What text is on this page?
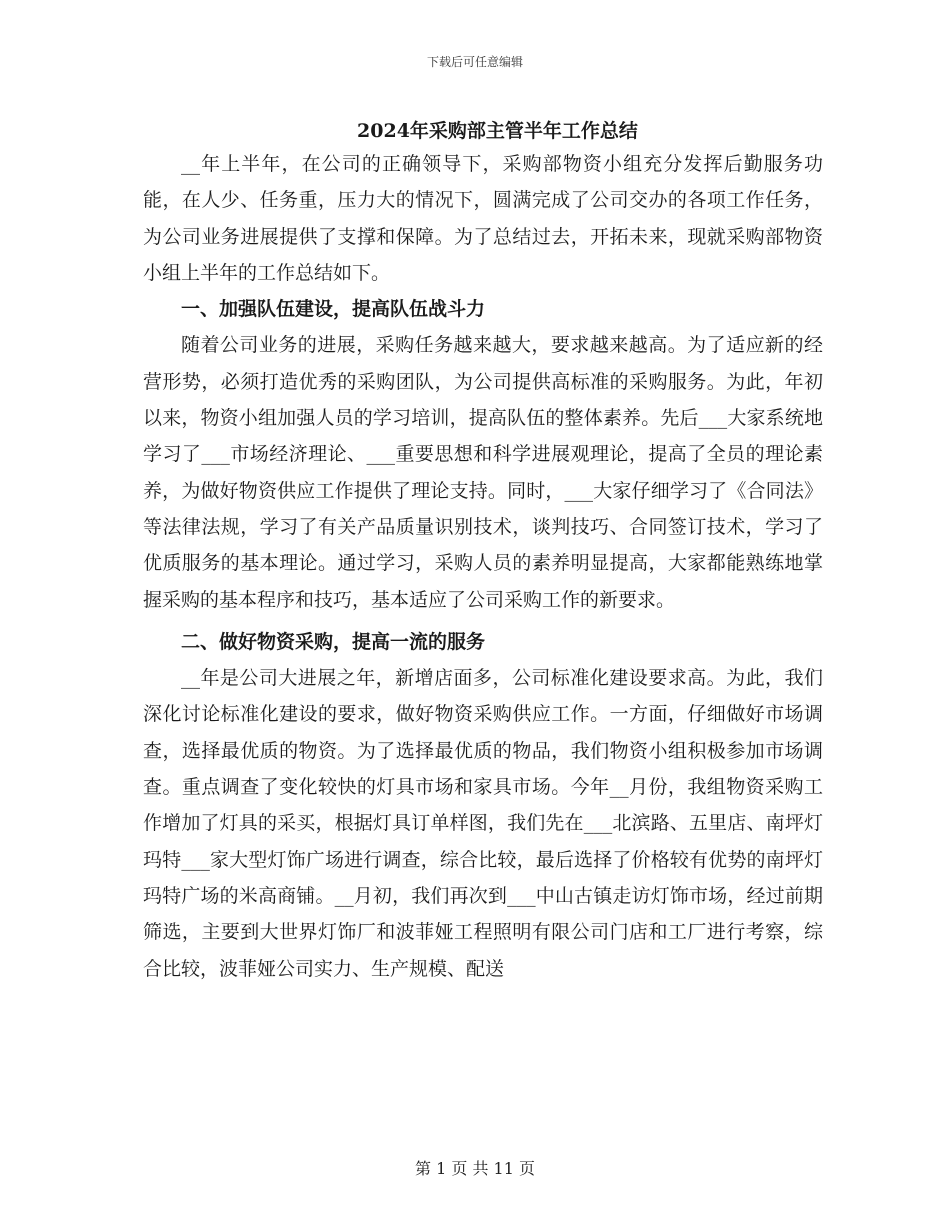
下载后可任意编辑
2024年采购部主管半年工作总结

__年上半年，在公司的正确领导下，采购部物资小组充分发挥后勤服务功能，在人少、任务重，压力大的情况下，圆满完成了公司交办的各项工作任务，为公司业务进展提供了支撑和保障。为了总结过去，开拓未来，现就采购部物资小组上半年的工作总结如下。

一、加强队伍建设，提高队伍战斗力

随着公司业务的进展，采购任务越来越大，要求越来越高。为了适应新的经营形势，必须打造优秀的采购团队，为公司提供高标准的采购服务。为此，年初以来，物资小组加强人员的学习培训，提高队伍的整体素养。先后___大家系统地学习了___市场经济理论、___重要思想和科学进展观理论，提高了全员的理论素养，为做好物资供应工作提供了理论支持。同时，___大家仔细学习了《合同法》等法律法规，学习了有关产品质量识别技术，谈判技巧、合同签订技术，学习了优质服务的基本理论。通过学习，采购人员的素养明显提高，大家都能熟练地掌握采购的基本程序和技巧，基本适应了公司采购工作的新要求。

二、做好物资采购，提高一流的服务

__年是公司大进展之年，新增店面多，公司标准化建设要求高。为此，我们深化讨论标准化建设的要求，做好物资采购供应工作。一方面，仔细做好市场调查，选择最优质的物资。为了选择最优质的物品，我们物资小组积极参加市场调查。重点调查了变化较快的灯具市场和家具市场。今年__月份，我组物资采购工作增加了灯具的采买，根据灯具订单样图，我们先在___北滨路、五里店、南坪灯玛特___家大型灯饰广场进行调查，综合比较，最后选择了价格较有优势的南坪灯玛特广场的米高商铺。__月初，我们再次到___中山古镇走访灯饰市场，经过前期筛选，主要到大世界灯饰厂和波菲娅工程照明有限公司门店和工厂进行考察，综合比较，波菲娅公司实力、生产规模、配送

第 1 页 共 11 页
